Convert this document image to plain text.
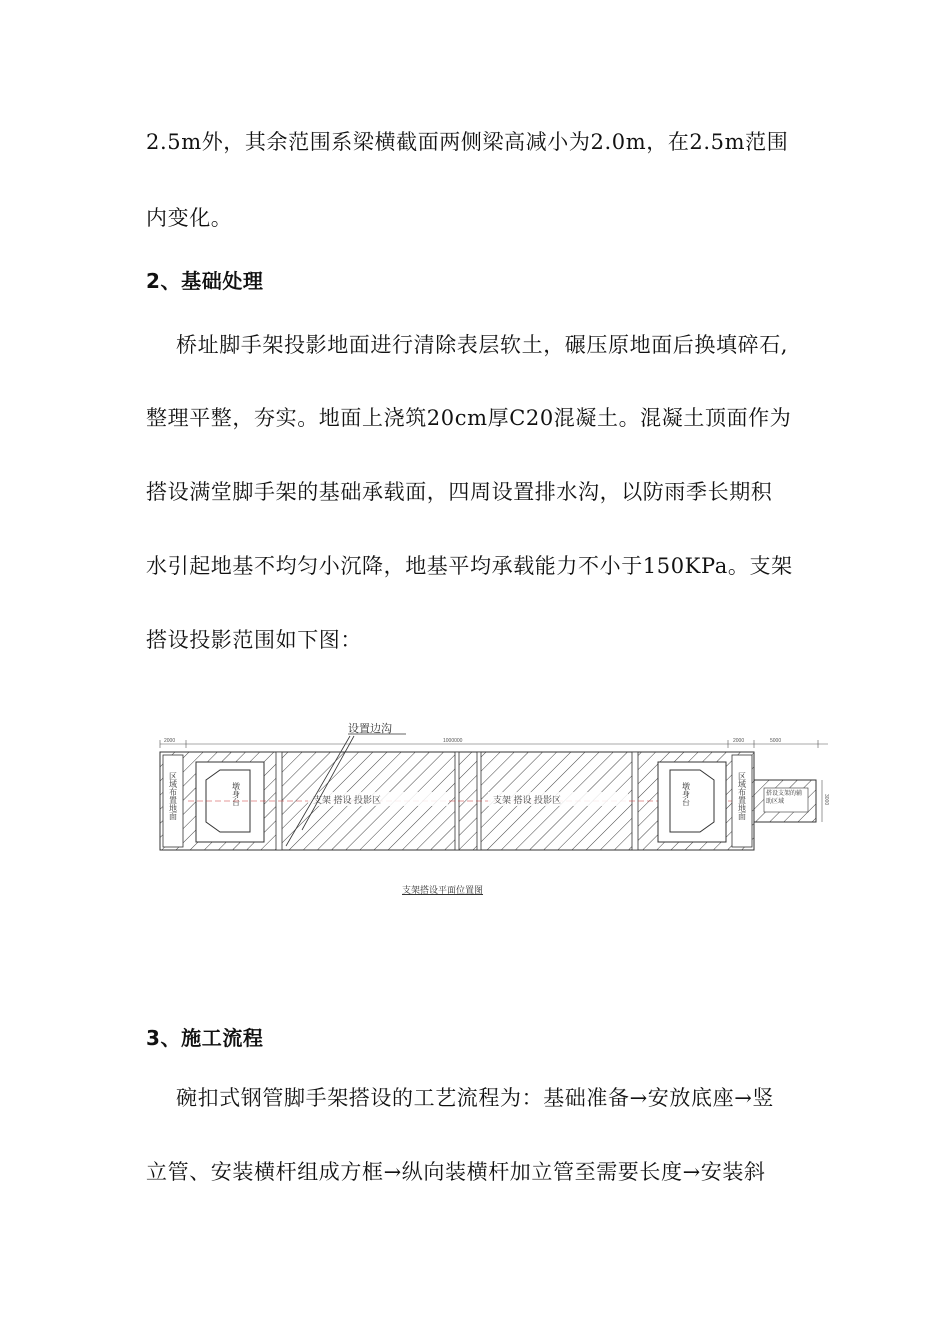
2.5m外，其余范围系梁横截面两侧梁高减小为2.0m，在2.5m范围
内变化。
2、基础处理
桥址脚手架投影地面进行清除表层软土，碾压原地面后换填碎石,
整理平整，夯实。地面上浇筑20cm厚C20混凝土。混凝土顶面作为
搭设满堂脚手架的基础承载面，四周设置排水沟，以防雨季长期积
水引起地基不均匀小沉降，地基平均承载能力不小于150KPa。支架
搭设投影范围如下图：
2000	1000000	2000	5000
区域布置地面	墩身台	支架 搭设 投影区	支架 搭设 投影区	墩身台	区域布置地面	搭设支架的辅助区域	3000
设置边沟
支架搭设平面位置图
3、施工流程
碗扣式钢管脚手架搭设的工艺流程为：基础准备→安放底座→竖
立管、安装横杆组成方框→纵向装横杆加立管至需要长度→安装斜
